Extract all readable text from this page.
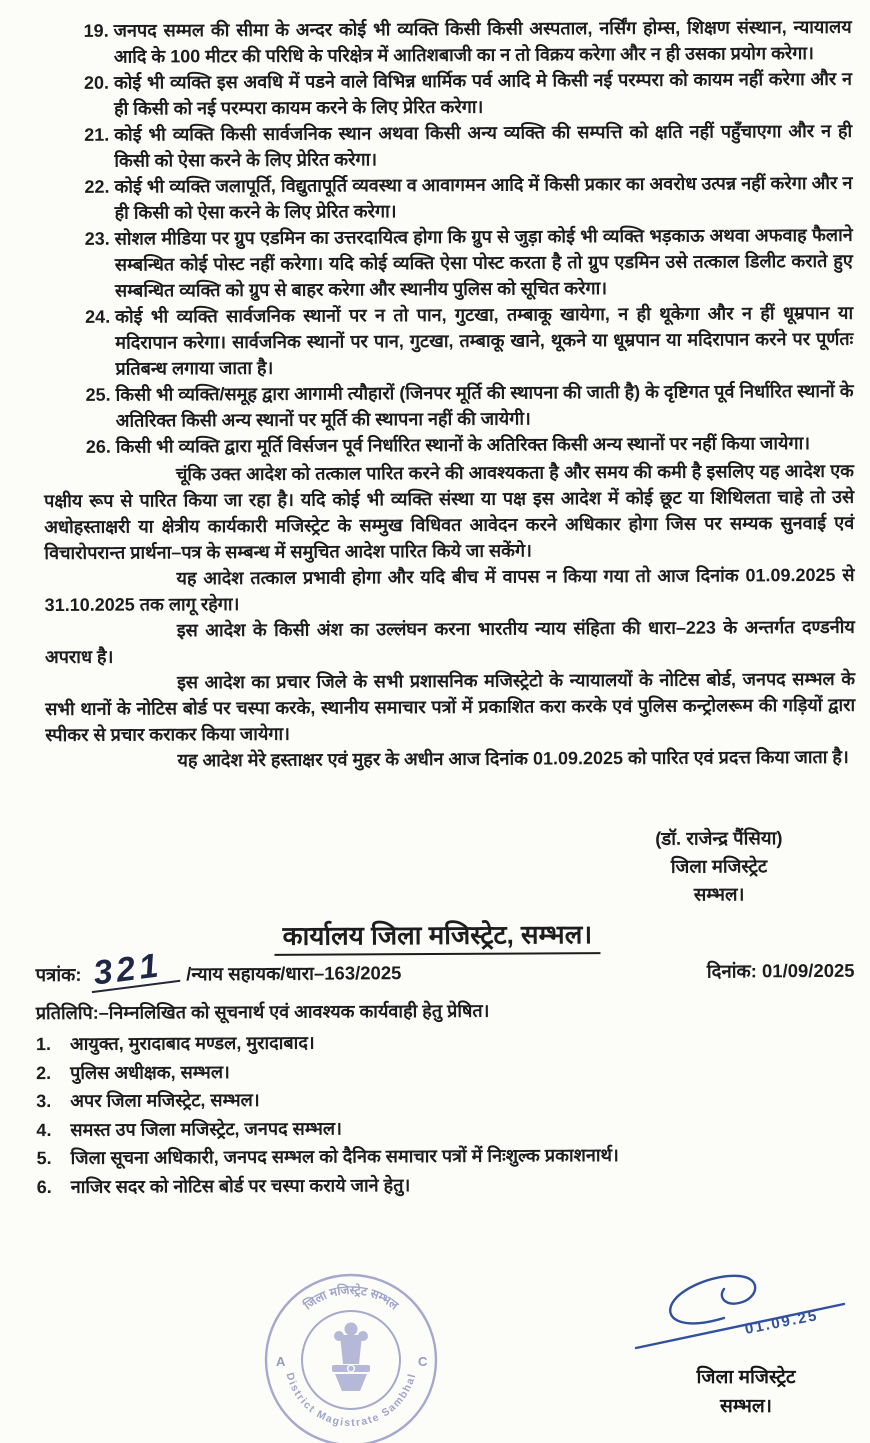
19. जनपद सम्मल की सीमा के अन्दर कोई भी व्यक्ति किसी किसी अस्पताल, नर्सिंग होम्स, शिक्षण संस्थान, न्यायालय आदि के 100 मीटर की परिधि के परिक्षेत्र में आतिशबाजी का न तो विक्रय करेगा और न ही उसका प्रयोग करेगा।
20. कोई भी व्यक्ति इस अवधि में पडने वाले विभिन्न धार्मिक पर्व आदि मे किसी नई परम्परा को कायम नहीं करेगा और न ही किसी को नई परम्परा कायम करने के लिए प्रेरित करेगा।
21. कोई भी व्यक्ति किसी सार्वजनिक स्थान अथवा किसी अन्य व्यक्ति की सम्पत्ति को क्षति नहीं पहुँचाएगा और न ही किसी को ऐसा करने के लिए प्रेरित करेगा।
22. कोई भी व्यक्ति जलापूर्ति, विद्युतापूर्ति व्यवस्था व आवागमन आदि में किसी प्रकार का अवरोध उत्पन्न नहीं करेगा और न ही किसी को ऐसा करने के लिए प्रेरित करेगा।
23. सोशल मीडिया पर ग्रुप एडमिन का उत्तरदायित्व होगा कि ग्रुप से जुड़ा कोई भी व्यक्ति भड़काऊ अथवा अफवाह फैलाने सम्बन्धित कोई पोस्ट नहीं करेगा। यदि कोई व्यक्ति ऐसा पोस्ट करता है तो ग्रुप एडमिन उसे तत्काल डिलीट कराते हुए सम्बन्धित व्यक्ति को ग्रुप से बाहर करेगा और स्थानीय पुलिस को सूचित करेगा।
24. कोई भी व्यक्ति सार्वजनिक स्थानों पर न तो पान, गुटखा, तम्बाकू खायेगा, न ही थूकेगा और न हीं धूम्रपान या मदिरापान करेगा। सार्वजनिक स्थानों पर पान, गुटखा, तम्बाकू खाने, थूकने या धूम्रपान या मदिरापान करने पर पूर्णतः प्रतिबन्ध लगाया जाता है।
25. किसी भी व्यक्ति/समूह द्वारा आगामी त्यौहारों (जिनपर मूर्ति की स्थापना की जाती है) के दृष्टिगत पूर्व निर्धारित स्थानों के अतिरिक्त किसी अन्य स्थानों पर मूर्ति की स्थापना नहीं की जायेगी।
26. किसी भी व्यक्ति द्वारा मूर्ति विर्सजन पूर्व निर्धारित स्थानों के अतिरिक्त किसी अन्य स्थानों पर नहीं किया जायेगा।

चूंकि उक्त आदेश को तत्काल पारित करने की आवश्यकता है और समय की कमी है इसलिए यह आदेश एक पक्षीय रूप से पारित किया जा रहा है। यदि कोई भी व्यक्ति संस्था या पक्ष इस आदेश में कोई छूट या शिथिलता चाहे तो उसे अधोहस्ताक्षरी या क्षेत्रीय कार्यकारी मजिस्ट्रेट के सम्मुख विधिवत आवेदन करने अधिकार होगा जिस पर सम्यक सुनवाई एवं विचारोपरान्त प्रार्थना–पत्र के सम्बन्ध में समुचित आदेश पारित किये जा सकेंगे।

यह आदेश तत्काल प्रभावी होगा और यदि बीच में वापस न किया गया तो आज दिनांक 01.09.2025 से 31.10.2025 तक लागू रहेगा।

इस आदेश के किसी अंश का उल्लंघन करना भारतीय न्याय संहिता की धारा–223 के अन्तर्गत दण्डनीय अपराध है।

इस आदेश का प्रचार जिले के सभी प्रशासनिक मजिस्ट्रेटो के न्यायालयों के नोटिस बोर्ड, जनपद सम्भल के सभी थानों के नोटिस बोर्ड पर चस्पा करके, स्थानीय समाचार पत्रों में प्रकाशित करा करके एवं पुलिस कन्ट्रोलरूम की गड़ियों द्वारा स्पीकर से प्रचार कराकर किया जायेगा।

यह आदेश मेरे हस्ताक्षर एवं मुहर के अधीन आज दिनांक 01.09.2025 को पारित एवं प्रदत्त किया जाता है।

(डॉ. राजेन्द्र पैंसिया)
जिला मजिस्ट्रेट
सम्भल।
कार्यालय जिला मजिस्ट्रेट, सम्भल।
पत्रांक: 321	/न्याय सहायक/धारा–163/2025	दिनांक: 01/09/2025
प्रतिलिपि:–निम्नलिखित को सूचनार्थ एवं आवश्यक कार्यवाही हेतु प्रेषित।
1.	आयुक्त, मुरादाबाद मण्डल, मुरादाबाद।
2.	पुलिस अधीक्षक, सम्भल।
3.	अपर जिला मजिस्ट्रेट, सम्भल।
4.	समस्त उप जिला मजिस्ट्रेट, जनपद सम्भल।
5.	जिला सूचना अधिकारी, जनपद सम्भल को दैनिक समाचार पत्रों में निःशुल्क प्रकाशनार्थ।
6.	नाजिर सदर को नोटिस बोर्ड पर चस्पा कराये जाने हेतु।
जिला मजिस्ट्रेट सम्भल
District Magistrate Sambhal
A	C
01.09.25
जिला मजिस्ट्रेट
सम्भल।
